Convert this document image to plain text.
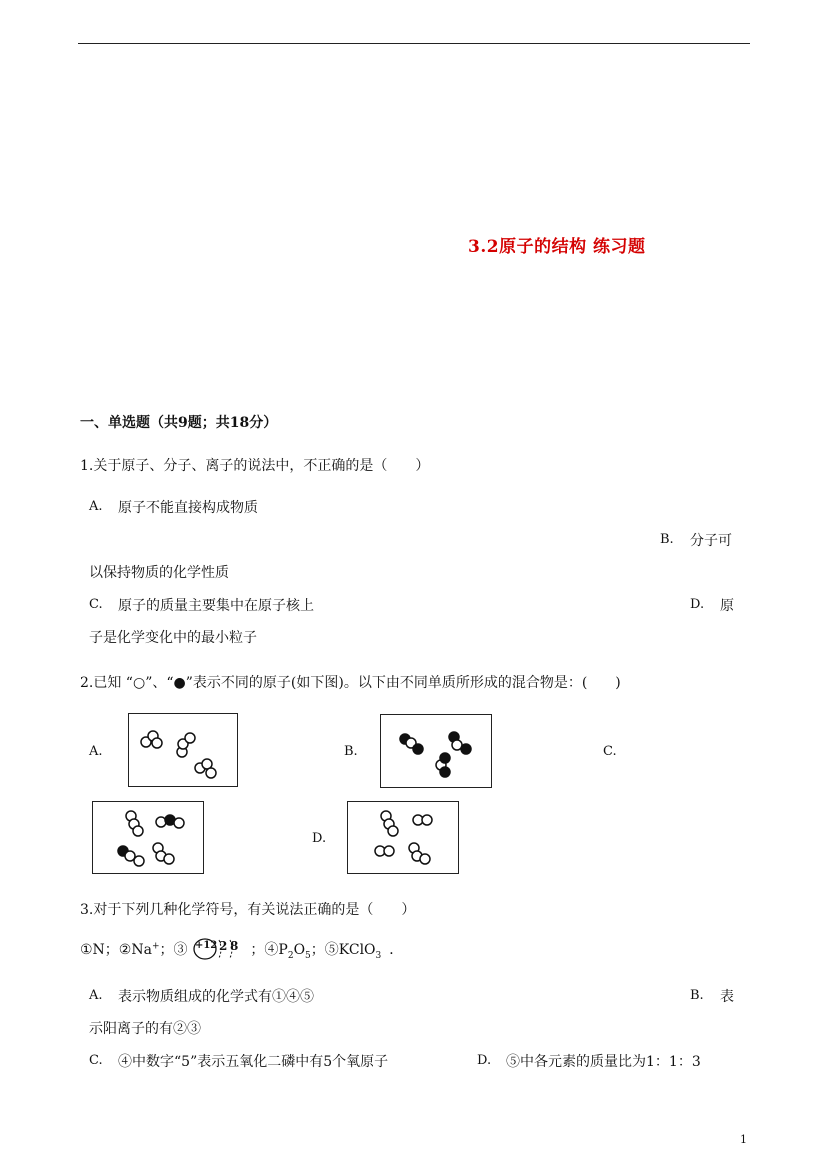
3.2原子的结构 练习题
一、单选题（共9题；共18分）
1.关于原子、分子、离子的说法中，不正确的是（　　）
A. 原子不能直接构成物质
B. 分子可
以保持物质的化学性质
C. 原子的质量主要集中在原子核上	D. 原
子是化学变化中的最小粒子
2.已知 “○”、“●”表示不同的原子(如下图)。以下由不同单质所形成的混合物是：(　　)
A.	B.	C.
D.
3.对于下列几种化学符号，有关说法正确的是（　　）
①N；②Na+；③ +12 2 8 ；$④P_2O_5$；⑤KClO$_3$ ．
A. 表示物质组成的化学式有①④⑤	B. 表
示阳离子的有②③
C. ④中数字“5”表示五氧化二磷中有5个氧原子	D. ⑤中各元素的质量比为1：1：3
1
